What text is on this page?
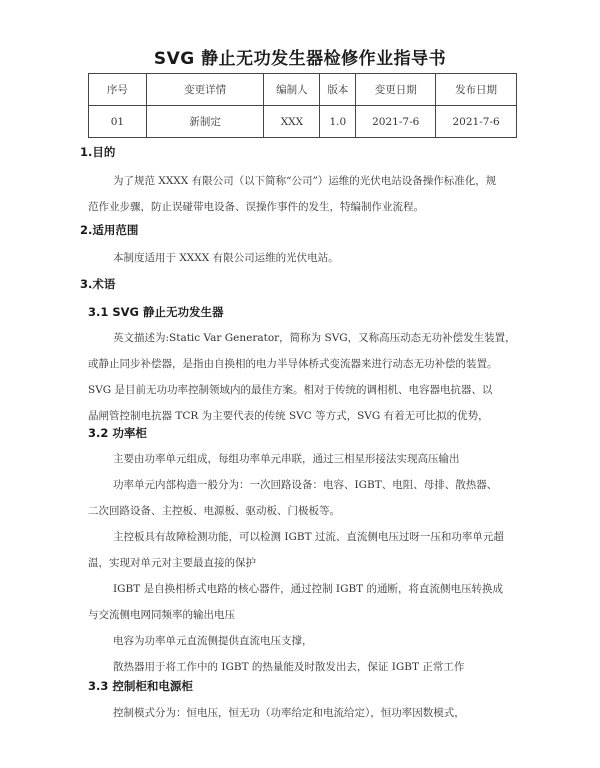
SVG 静止无功发生器检修作业指导书
序号	变更详情	编制人	版本	变更日期	发布日期
01	新制定	XXX	1.0	2021-7-6	2021-7-6
1.目的
为了规范 XXXX 有限公司（以下简称“公司”）运维的光伏电站设备操作标准化，规
范作业步骤，防止误碰带电设备、误操作事件的发生，特编制作业流程。
2.适用范围
本制度适用于 XXXX 有限公司运维的光伏电站。
3.术语
3.1 SVG 静止无功发生器
英文描述为:Static Var Generator，简称为 SVG，又称高压动态无功补偿发生装置，
或静止同步补偿器，是指由自换相的电力半导体桥式变流器来进行动态无功补偿的装置。
SVG 是目前无功功率控制领域内的最佳方案。相对于传统的调相机、电容器电抗器、以
晶闸管控制电抗器 TCR 为主要代表的传统 SVC 等方式，SVG 有着无可比拟的优势，
3.2 功率柜
主要由功率单元组成，每组功率单元串联，通过三相星形接法实现高压输出
功率单元内部构造一般分为：一次回路设备：电容、IGBT、电阻、母排、散热器、
二次回路设备、主控板、电源板、驱动板、门极板等。
主控板具有故障检测功能，可以检测 IGBT 过流、直流侧电压过呀一压和功率单元超
温，实现对单元对主要最直接的保护
IGBT 是自换相桥式电路的核心器件，通过控制 IGBT 的通断，将直流侧电压转换成
与交流侧电网同频率的输出电压
电容为功率单元直流侧提供直流电压支撑，
散热器用于将工作中的 IGBT 的热量能及时散发出去，保证 IGBT 正常工作
3.3 控制柜和电源柜
控制模式分为：恒电压，恒无功（功率给定和电流给定），恒功率因数模式，
